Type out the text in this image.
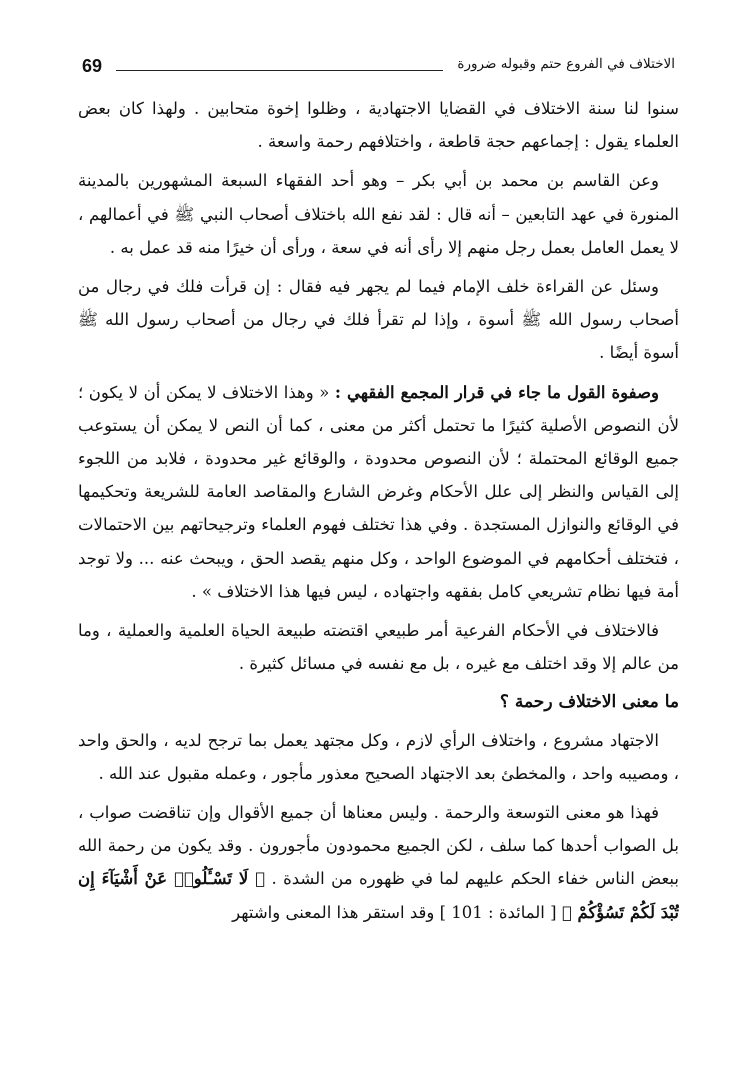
69	الاختلاف في الفروع حتم وقبوله ضرورة

سنوا لنا سنة الاختلاف في القضايا الاجتهادية ، وظلوا إخوة متحابين . ولهذا كان بعض العلماء يقول : إجماعهم حجة قاطعة ، واختلافهم رحمة واسعة .

وعن القاسم بن محمد بن أبي بكر – وهو أحد الفقهاء السبعة المشهورين بالمدينة المنورة في عهد التابعين – أنه قال : لقد نفع الله باختلاف أصحاب النبي ﷺ في أعمالهم ، لا يعمل العامل بعمل رجل منهم إلا رأى أنه في سعة ، ورأى أن خيرًا منه قد عمل به .

وسئل عن القراءة خلف الإمام فيما لم يجهر فيه فقال : إن قرأت فلك في رجال من أصحاب رسول الله ﷺ أسوة ، وإذا لم تقرأ فلك في رجال من أصحاب رسول الله ﷺ أسوة أيضًا .

وصفوة القول ما جاء في قرار المجمع الفقهي : « وهذا الاختلاف لا يمكن أن لا يكون ؛ لأن النصوص الأصلية كثيرًا ما تحتمل أكثر من معنى ، كما أن النص لا يمكن أن يستوعب جميع الوقائع المحتملة ؛ لأن النصوص محدودة ، والوقائع غير محدودة ، فلابد من اللجوء إلى القياس والنظر إلى علل الأحكام وغرض الشارع والمقاصد العامة للشريعة وتحكيمها في الوقائع والنوازل المستجدة . وفي هذا تختلف فهوم العلماء وترجيحاتهم بين الاحتمالات ، فتختلف أحكامهم في الموضوع الواحد ، وكل منهم يقصد الحق ، ويبحث عنه ... ولا توجد أمة فيها نظام تشريعي كامل بفقهه واجتهاده ، ليس فيها هذا الاختلاف » .

فالاختلاف في الأحكام الفرعية أمر طبيعي اقتضته طبيعة الحياة العلمية والعملية ، وما من عالم إلا وقد اختلف مع غيره ، بل مع نفسه في مسائل كثيرة .

ما معنى الاختلاف رحمة ؟

الاجتهاد مشروع ، واختلاف الرأي لازم ، وكل مجتهد يعمل بما ترجح لديه ، والحق واحد ، ومصيبه واحد ، والمخطئ بعد الاجتهاد الصحيح معذور مأجور ، وعمله مقبول عند الله .

فهذا هو معنى التوسعة والرحمة . وليس معناها أن جميع الأقوال وإن تناقضت صواب ، بل الصواب أحدها كما سلف ، لكن الجميع محمودون مأجورون . وقد يكون من رحمة الله ببعض الناس خفاء الحكم عليهم لما في ظهوره من الشدة . ﴿ لَا تَسْـَٔلُوا۟ عَنْ أَشْيَآءَ إِن تُبْدَ لَكُمْ تَسُؤْكُمْ ﴾ [ المائدة : 101 ] وقد استقر هذا المعنى واشتهر
